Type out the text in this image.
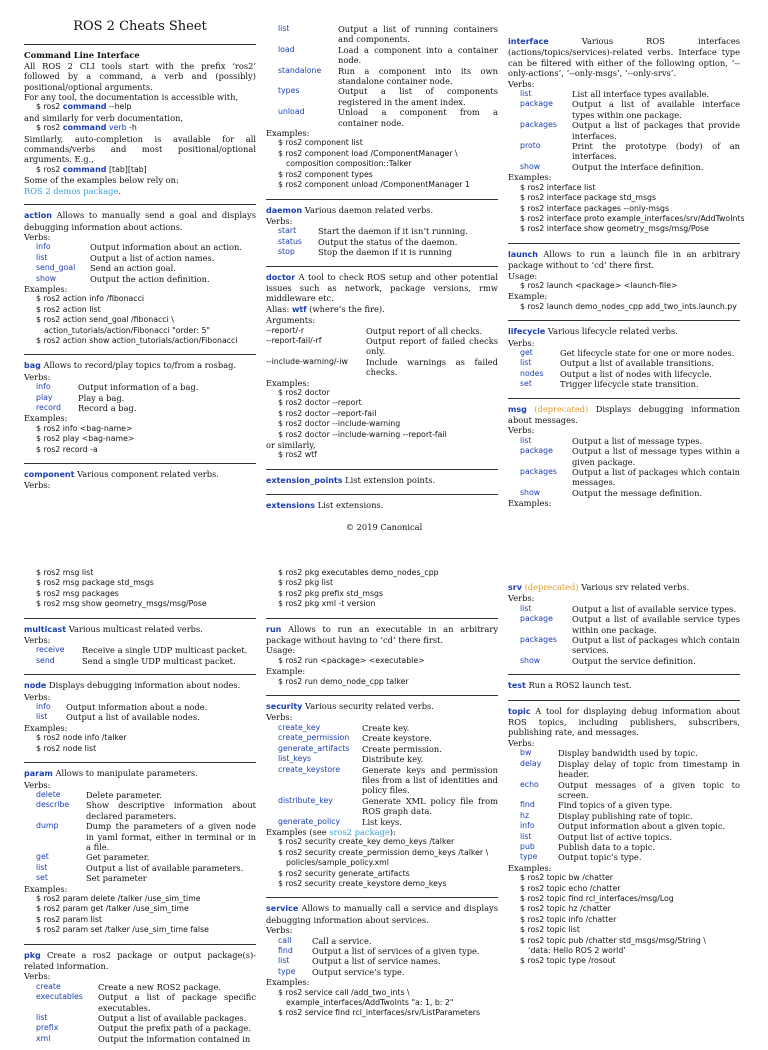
ROS 2 Cheats Sheet
Command Line Interface
All ROS 2 CLI tools start with the prefix ‘ros2’ followed by a command, a verb and (possibly) positional/optional arguments.
For any tool, the documentation is accessible with,
$ ros2 command --help
and similarly for verb documentation,
$ ros2 command verb -h
Similarly, auto-completion is available for all commands/verbs and most positional/optional arguments. E.g.,
$ ros2 command [tab][tab]
Some of the examples below rely on:
ROS 2 demos package.
action Allows to manually send a goal and displays debugging information about actions.
Verbs:
info	Output information about an action.
list	Output a list of action names.
send_goal	Send an action goal.
show	Output the action definition.
Examples:
$ ros2 action info /fibonacci
$ ros2 action list
$ ros2 action send_goal /fibonacci \
action_tutorials/action/Fibonacci "order: 5"
$ ros2 action show action_tutorials/action/Fibonacci
bag Allows to record/play topics to/from a rosbag.
Verbs:
info	Output information of a bag.
play	Play a bag.
record	Record a bag.
Examples:
$ ros2 info <bag-name>
$ ros2 play <bag-name>
$ ros2 record -a
component Various component related verbs.
Verbs:
list	Output a list of running containers and components.
load	Load a component into a container node.
standalone	Run a component into its own standalone container node.
types	Output a list of components registered in the ament index.
unload	Unload a component from a container node.
Examples:
$ ros2 component list
$ ros2 component load /ComponentManager \
composition composition::Talker
$ ros2 component types
$ ros2 component unload /ComponentManager 1
daemon Various daemon related verbs.
Verbs:
start	Start the daemon if it isn’t running.
status	Output the status of the daemon.
stop	Stop the daemon if it is running
doctor A tool to check ROS setup and other potential issues such as network, package versions, rmw middleware etc.
Alias: wtf (where’s the fire).
Arguments:
--report/-r	Output report of all checks.
--report-fail/-rf	Output report of failed checks only.
--include-warning/-iw	Include warnings as failed checks.
Examples:
$ ros2 doctor
$ ros2 doctor --report
$ ros2 doctor --report-fail
$ ros2 doctor --include-warning
$ ros2 doctor --include-warning --report-fail
or similarly,
$ ros2 wtf
extension_points List extension points.
extensions List extensions.
interface	Various ROS interfaces (actions/topics/services)-related verbs. Interface type can be filtered with either of the following option, ‘--only-actions’, ‘--only-msgs’, ‘--only-srvs’.
Verbs:
list	List all interface types available.
package	Output a list of available interface types within one package.
packages	Output a list of packages that provide interfaces.
proto	Print the prototype (body) of an interfaces.
show	Output the interface definition.
Examples:
$ ros2 interface list
$ ros2 interface package std_msgs
$ ros2 interface packages --only-msgs
$ ros2 interface proto example_interfaces/srv/AddTwoInts
$ ros2 interface show geometry_msgs/msg/Pose
launch Allows to run a launch file in an arbitrary package without to ‘cd’ there first.
Usage:
$ ros2 launch <package> <launch-file>
Example:
$ ros2 launch demo_nodes_cpp add_two_ints.launch.py
lifecycle Various lifecycle related verbs.
Verbs:
get	Get lifecycle state for one or more nodes.
list	Output a list of available transitions.
nodes	Output a list of nodes with lifecycle.
set	Trigger lifecycle state transition.
msg (deprecated) Displays debugging information about messages.
Verbs:
list	Output a list of message types.
package	Output a list of message types within a given package.
packages	Output a list of packages which contain messages.
show	Output the message definition.
Examples:
© 2019 Canonical
$ ros2 msg list
$ ros2 msg package std_msgs
$ ros2 msg packages
$ ros2 msg show geometry_msgs/msg/Pose
multicast Various multicast related verbs.
Verbs:
receive	Receive a single UDP multicast packet.
send	Send a single UDP multicast packet.
node Displays debugging information about nodes.
Verbs:
info	Output information about a node.
list	Output a list of available nodes.
Examples:
$ ros2 node info /talker
$ ros2 node list
param Allows to manipulate parameters.
Verbs:
delete	Delete parameter.
describe	Show descriptive information about declared parameters.
dump	Dump the parameters of a given node in yaml format, either in terminal or in a file.
get	Get parameter.
list	Output a list of available parameters.
set	Set parameter
Examples:
$ ros2 param delete /talker /use_sim_time
$ ros2 param get /talker /use_sim_time
$ ros2 param list
$ ros2 param set /talker /use_sim_time false
pkg Create a ros2 package or output package(s)-related information.
Verbs:
create	Create a new ROS2 package.
executables	Output a list of package specific executables.
list	Output a list of available packages.
prefix	Output the prefix path of a package.
xml	Output the information contained in
$ ros2 pkg executables demo_nodes_cpp
$ ros2 pkg list
$ ros2 pkg prefix std_msgs
$ ros2 pkg xml -t version
run Allows to run an executable in an arbitrary package without having to ‘cd’ there first.
Usage:
$ ros2 run <package> <executable>
Example:
$ ros2 run demo_node_cpp talker
security Various security related verbs.
Verbs:
create_key	Create key.
create_permission	Create keystore.
generate_artifacts	Create permission.
list_keys	Distribute key.
create_keystore	Generate keys and permission files from a list of identities and policy files.
distribute_key	Generate XML policy file from ROS graph data.
generate_policy	List keys.
Examples (see sros2 package):
$ ros2 security create_key demo_keys /talker
$ ros2 security create_permission demo_keys /talker \
policies/sample_policy.xml
$ ros2 security generate_artifacts
$ ros2 security create_keystore demo_keys
service Allows to manually call a service and displays debugging information about services.
Verbs:
call	Call a service.
find	Output a list of services of a given type.
list	Output a list of service names.
type	Output service’s type.
Examples:
$ ros2 service call /add_two_ints \
example_interfaces/AddTwoInts "a: 1, b: 2"
$ ros2 service find rcl_interfaces/srv/ListParameters
srv (deprecated) Various srv related verbs.
Verbs:
list	Output a list of available service types.
package	Output a list of available service types within one package.
packages	Output a list of packages which contain services.
show	Output the service definition.
test Run a ROS2 launch test.
topic A tool for displaying debug information about ROS topics, including publishers, subscribers, publishing rate, and messages.
Verbs:
bw	Display bandwidth used by topic.
delay	Display delay of topic from timestamp in header.
echo	Output messages of a given topic to screen.
find	Find topics of a given type.
hz	Display publishing rate of topic.
info	Output information about a given topic.
list	Output list of active topics.
pub	Publish data to a topic.
type	Output topic’s type.
Examples:
$ ros2 topic bw /chatter
$ ros2 topic echo /chatter
$ ros2 topic find rcl_interfaces/msg/Log
$ ros2 topic hz /chatter
$ ros2 topic info /chatter
$ ros2 topic list
$ ros2 topic pub /chatter std_msgs/msg/String \
‘data: Hello ROS 2 world’
$ ros2 topic type /rosout
